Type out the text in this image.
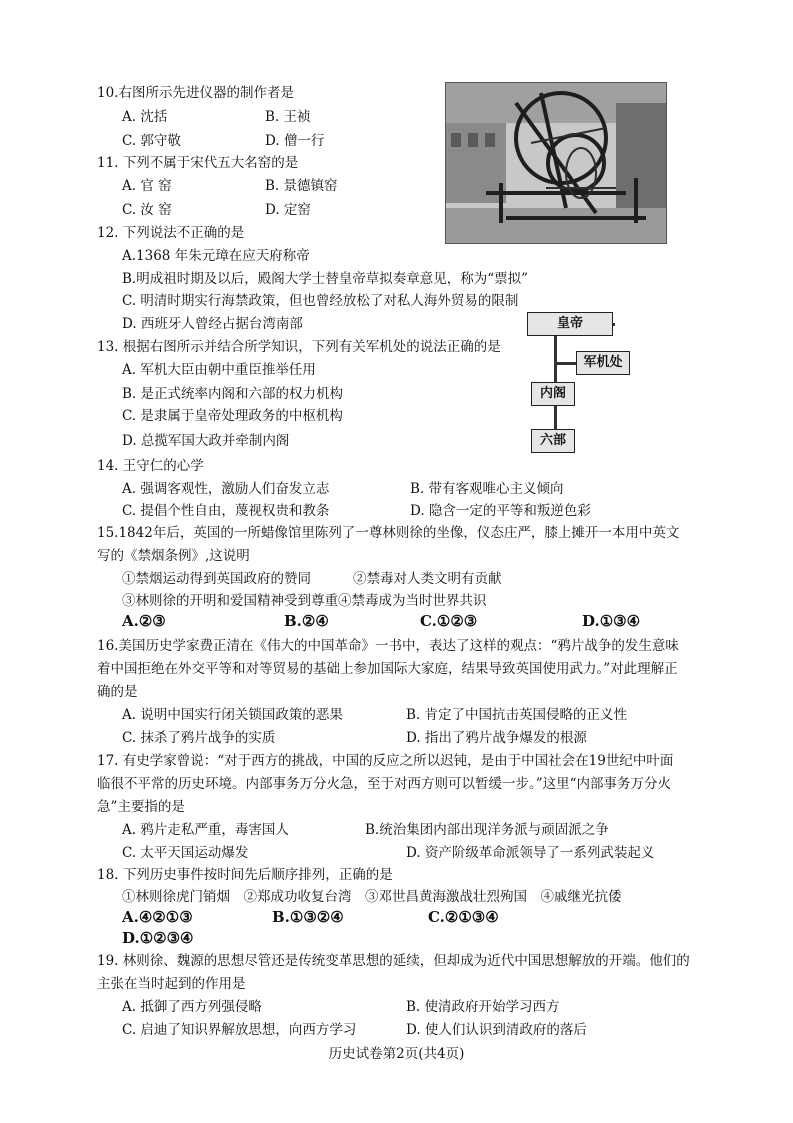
10.右图所示先进仪器的制作者是
A. 沈括	B. 王祯
C. 郭守敬	D. 僧一行
11. 下列不属于宋代五大名窑的是
A. 官 窑	B. 景德镇窑
C. 汝 窑	D. 定窑
12. 下列说法不正确的是
A.1368 年朱元璋在应天府称帝
B.明成祖时期及以后，殿阁大学士替皇帝草拟奏章意见，称为“票拟”
C. 明清时期实行海禁政策，但也曾经放松了对私人海外贸易的限制
D. 西班牙人曾经占据台湾南部	皇帝
军机处
内阁
六部
13. 根据右图所示并结合所学知识，下列有关军机处的说法正确的是
A. 军机大臣由朝中重臣推举任用
B. 是正式统率内阁和六部的权力机构
C. 是隶属于皇帝处理政务的中枢机构
D. 总揽军国大政并牵制内阁
14. 王守仁的心学
A. 强调客观性，激励人们奋发立志	B. 带有客观唯心主义倾向
C. 提倡个性自由，蔑视权贵和教条	D. 隐含一定的平等和叛逆色彩
15.1842年后，英国的一所蜡像馆里陈列了一尊林则徐的坐像，仪态庄严，膝上摊开一本用中英文
写的《禁烟条例》,这说明
①禁烟运动得到英国政府的赞同	②禁毒对人类文明有贡献
③林则徐的开明和爱国精神受到尊重④禁毒成为当时世界共识
A.②③	B.②④	C.①②③	D.①③④
16.美国历史学家费正清在《伟大的中国革命》一书中，表达了这样的观点：“鸦片战争的发生意味
着中国拒绝在外交平等和对等贸易的基础上参加国际大家庭，结果导致英国使用武力。”对此理解正
确的是
A. 说明中国实行闭关锁国政策的恶果	B. 肯定了中国抗击英国侵略的正义性
C. 抹杀了鸦片战争的实质	D. 指出了鸦片战争爆发的根源
17. 有史学家曾说：“对于西方的挑战，中国的反应之所以迟钝，是由于中国社会在19世纪中叶面
临很不平常的历史环境。内部事务万分火急，至于对西方则可以暂缓一步。”这里“内部事务万分火
急”主要指的是
A. 鸦片走私严重，毒害国人	B.统治集团内部出现洋务派与顽固派之争
C. 太平天国运动爆发	D. 资产阶级革命派领导了一系列武装起义
18. 下列历史事件按时间先后顺序排列，正确的是
①林则徐虎门销烟　②郑成功收复台湾　③邓世昌黄海激战壮烈殉国　④戚继光抗倭
A.④②①③	B.①③②④	C.②①③④
D.①②③④
19. 林则徐、魏源的思想尽管还是传统变革思想的延续，但却成为近代中国思想解放的开端。他们的
主张在当时起到的作用是
A. 抵御了西方列强侵略	B. 使清政府开始学习西方
C. 启迪了知识界解放思想，向西方学习	D. 使人们认识到清政府的落后
历史试卷第2页(共4页)
